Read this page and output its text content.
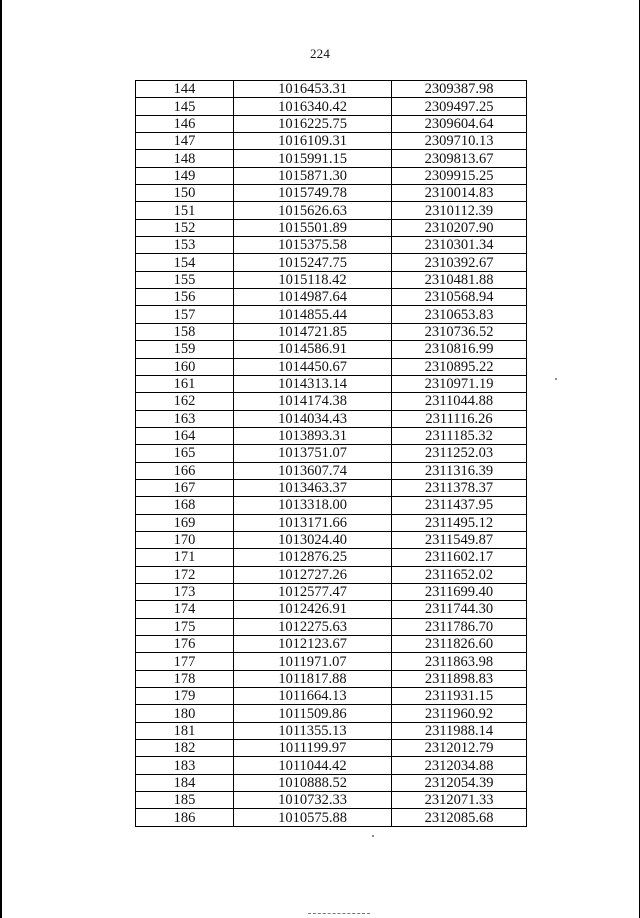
224
144	1016453.31	2309387.98
145	1016340.42	2309497.25
146	1016225.75	2309604.64
147	1016109.31	2309710.13
148	1015991.15	2309813.67
149	1015871.30	2309915.25
150	1015749.78	2310014.83
151	1015626.63	2310112.39
152	1015501.89	2310207.90
153	1015375.58	2310301.34
154	1015247.75	2310392.67
155	1015118.42	2310481.88
156	1014987.64	2310568.94
157	1014855.44	2310653.83
158	1014721.85	2310736.52
159	1014586.91	2310816.99
160	1014450.67	2310895.22
161	1014313.14	2310971.19
162	1014174.38	2311044.88
163	1014034.43	2311116.26
164	1013893.31	2311185.32
165	1013751.07	2311252.03
166	1013607.74	2311316.39
167	1013463.37	2311378.37
168	1013318.00	2311437.95
169	1013171.66	2311495.12
170	1013024.40	2311549.87
171	1012876.25	2311602.17
172	1012727.26	2311652.02
173	1012577.47	2311699.40
174	1012426.91	2311744.30
175	1012275.63	2311786.70
176	1012123.67	2311826.60
177	1011971.07	2311863.98
178	1011817.88	2311898.83
179	1011664.13	2311931.15
180	1011509.86	2311960.92
181	1011355.13	2311988.14
182	1011199.97	2312012.79
183	1011044.42	2312034.88
184	1010888.52	2312054.39
185	1010732.33	2312071.33
186	1010575.88	2312085.68
